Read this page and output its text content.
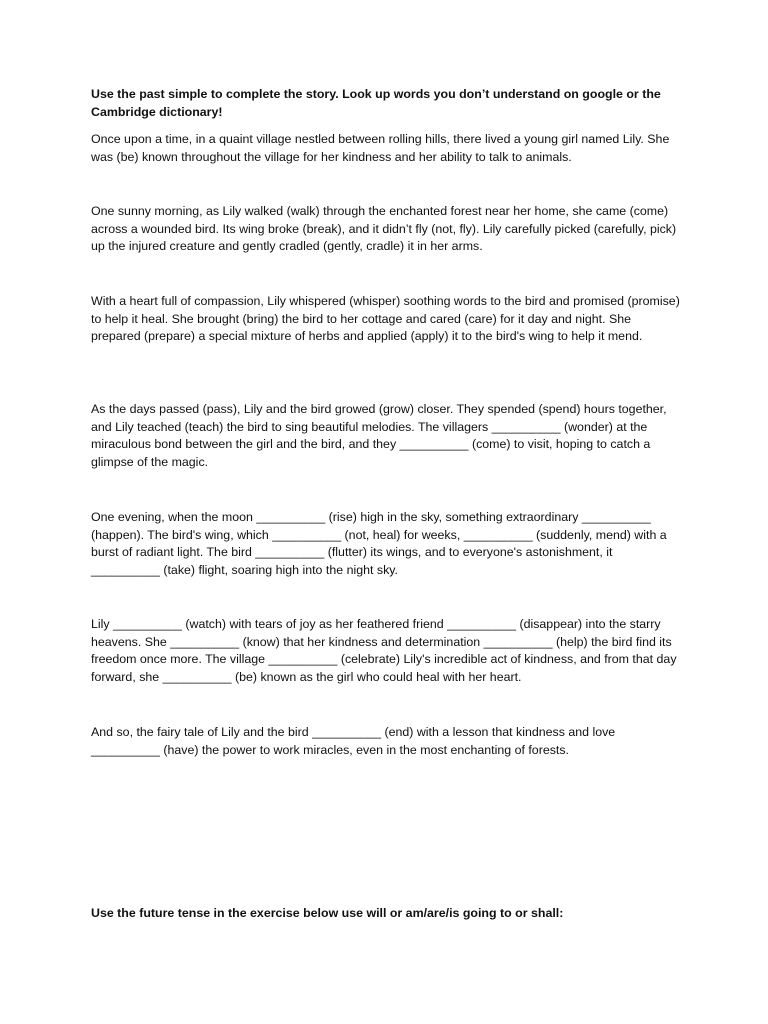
Use the past simple to complete the story. Look up words you don’t understand on google or the Cambridge dictionary!

Once upon a time, in a quaint village nestled between rolling hills, there lived a young girl named Lily. She was (be) known throughout the village for her kindness and her ability to talk to animals.

One sunny morning, as Lily walked (walk) through the enchanted forest near her home, she came (come) across a wounded bird. Its wing broke (break), and it didn’t fly (not, fly). Lily carefully picked (carefully, pick) up the injured creature and gently cradled (gently, cradle) it in her arms.

With a heart full of compassion, Lily whispered (whisper) soothing words to the bird and promised (promise) to help it heal. She brought (bring) the bird to her cottage and cared (care) for it day and night. She prepared (prepare) a special mixture of herbs and applied (apply) it to the bird's wing to help it mend.

As the days passed (pass), Lily and the bird growed (grow) closer. They spended (spend) hours together, and Lily teached (teach) the bird to sing beautiful melodies. The villagers __________ (wonder) at the miraculous bond between the girl and the bird, and they __________ (come) to visit, hoping to catch a glimpse of the magic.

One evening, when the moon __________ (rise) high in the sky, something extraordinary __________ (happen). The bird's wing, which __________ (not, heal) for weeks, __________ (suddenly, mend) with a burst of radiant light. The bird __________ (flutter) its wings, and to everyone's astonishment, it __________ (take) flight, soaring high into the night sky.

Lily __________ (watch) with tears of joy as her feathered friend __________ (disappear) into the starry heavens. She __________ (know) that her kindness and determination __________ (help) the bird find its freedom once more. The village __________ (celebrate) Lily's incredible act of kindness, and from that day forward, she __________ (be) known as the girl who could heal with her heart.

And so, the fairy tale of Lily and the bird __________ (end) with a lesson that kindness and love __________ (have) the power to work miracles, even in the most enchanting of forests.

Use the future tense in the exercise below use will or am/are/is going to or shall:
